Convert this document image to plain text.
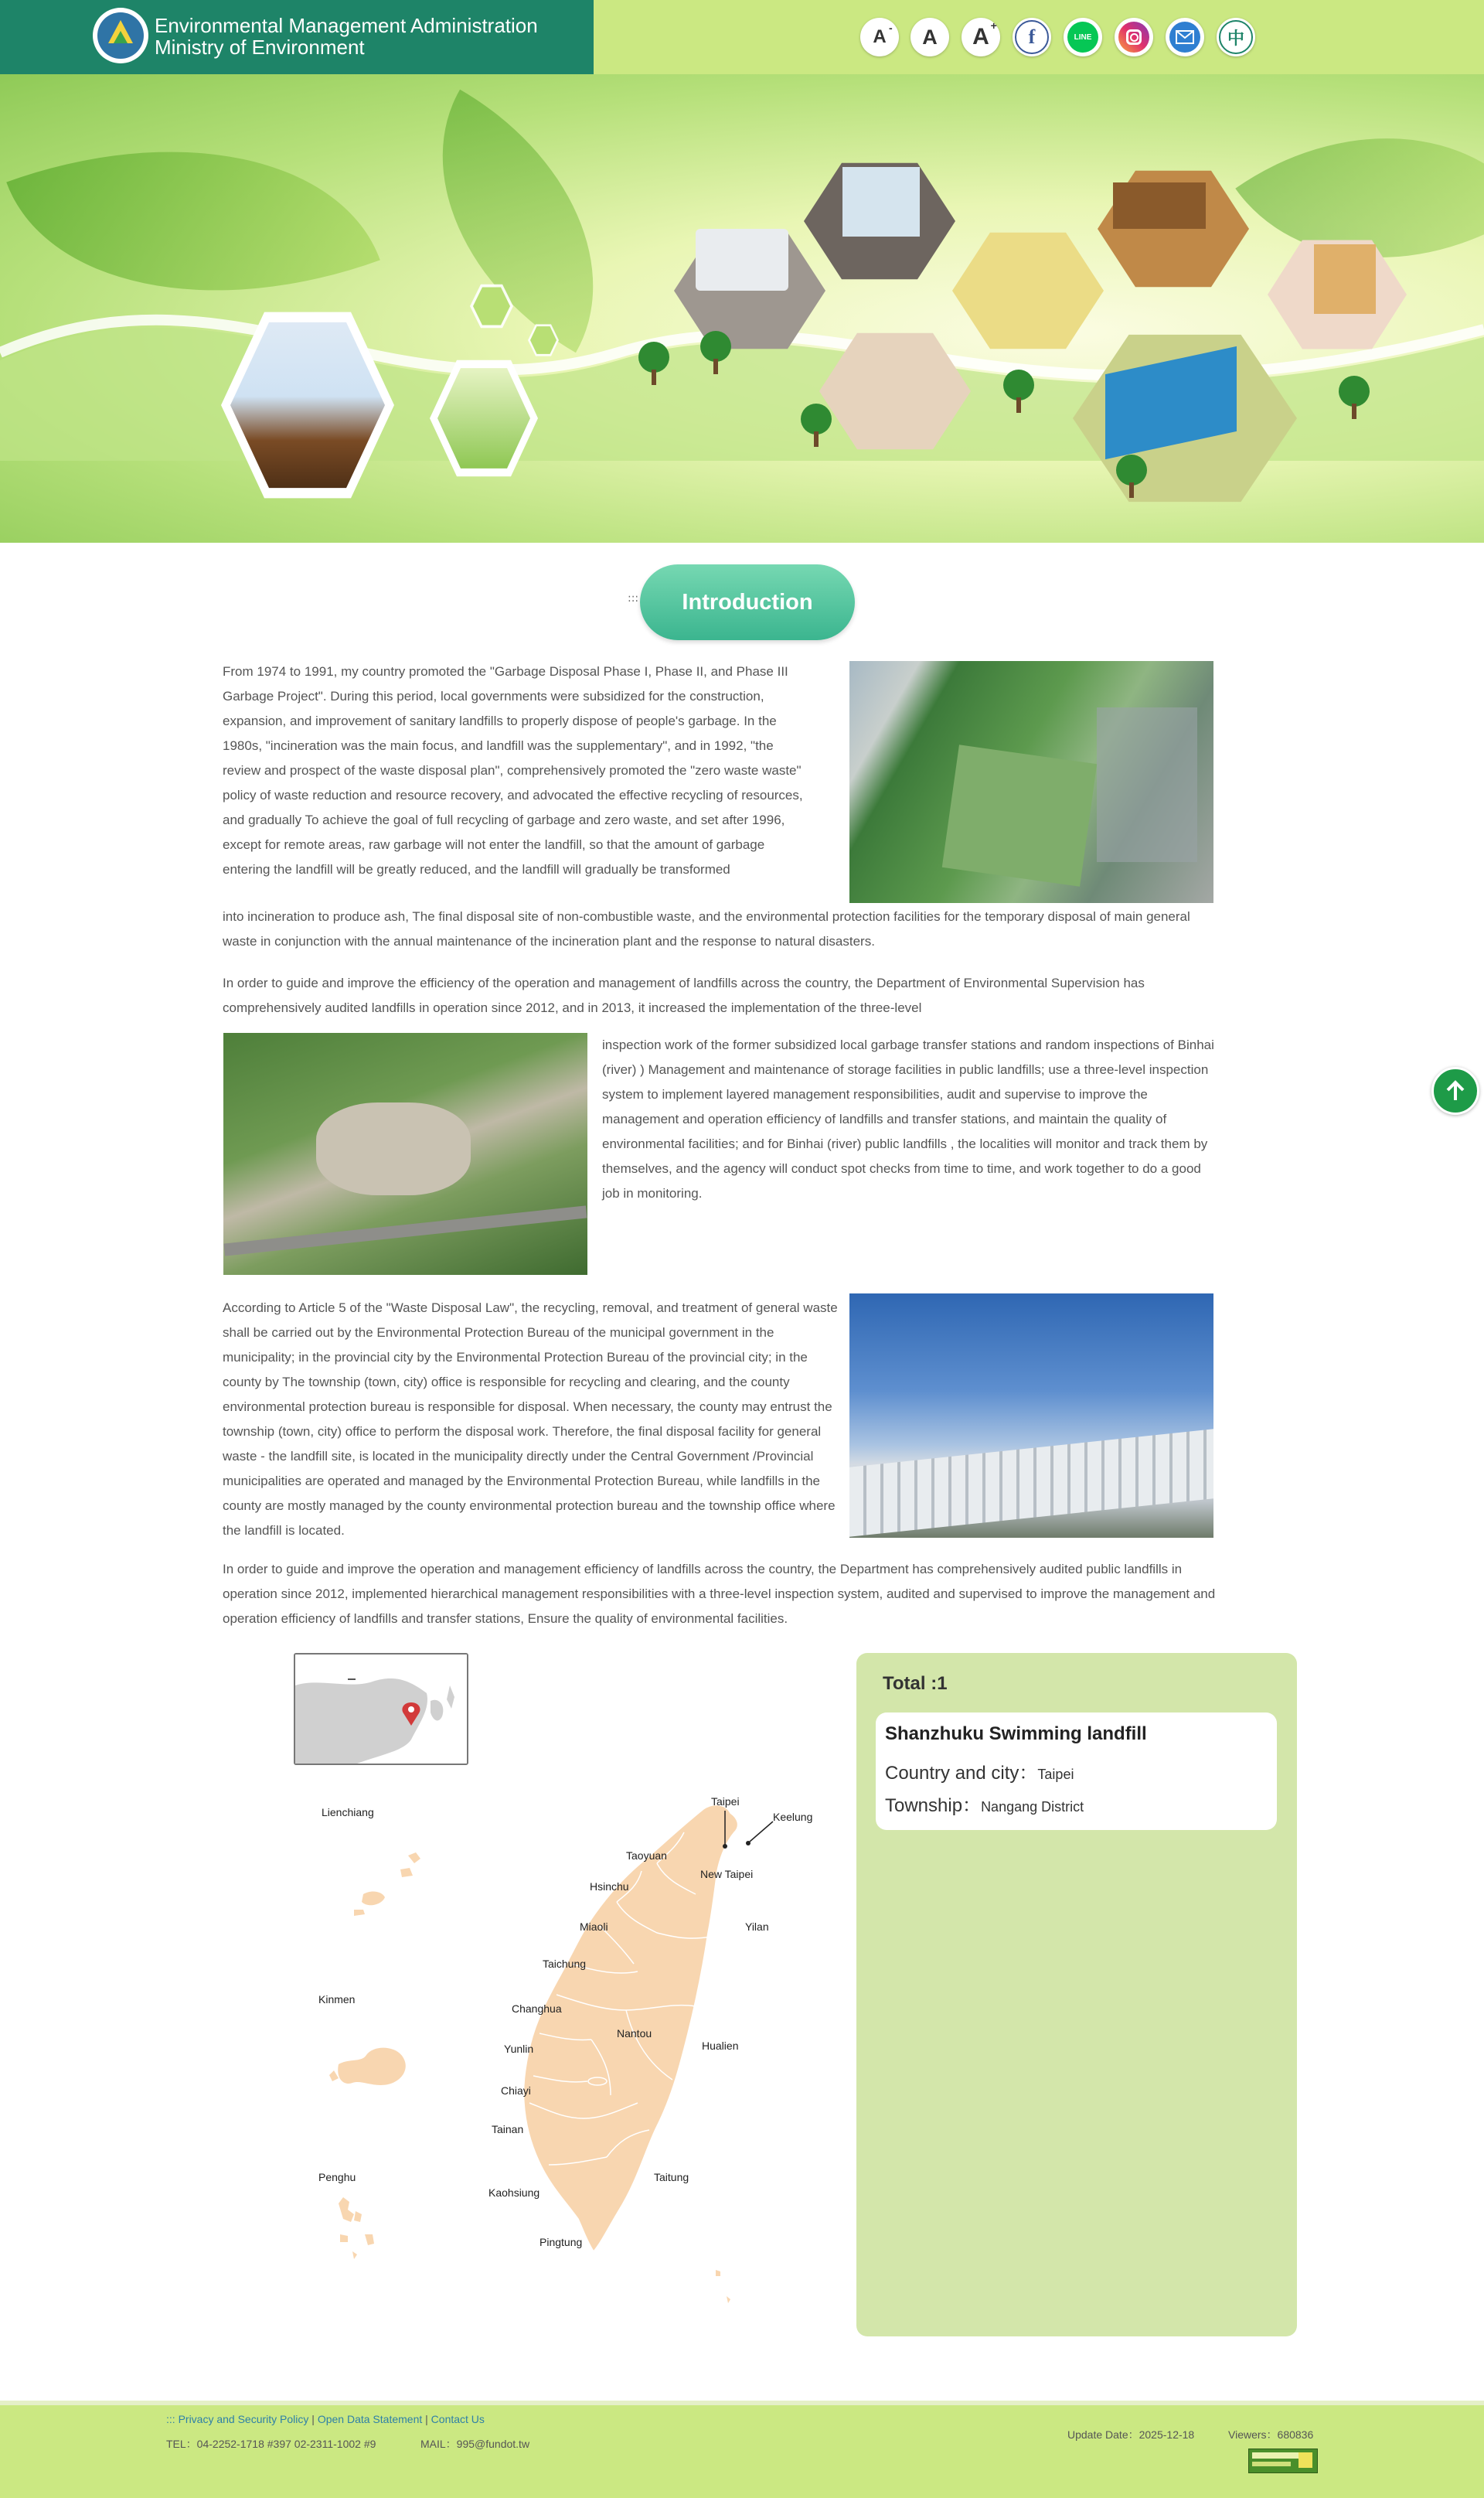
Environmental Management Administration
Ministry of Environment	A - A A + f	LINE	中
:::	Introduction

From 1974 to 1991, my country promoted the "Garbage Disposal Phase I, Phase II, and Phase III Garbage Project". During this period, local governments were subsidized for the construction, expansion, and improvement of sanitary landfills to properly dispose of people's garbage. In the 1980s, "incineration was the main focus, and landfill was the supplementary", and in 1992, "the review and prospect of the waste disposal plan", comprehensively promoted the "zero waste waste" policy of waste reduction and resource recovery, and advocated the effective recycling of resources, and gradually To achieve the goal of full recycling of garbage and zero waste, and set after 1996, except for remote areas, raw garbage will not enter the landfill, so that the amount of garbage entering the landfill will be greatly reduced, and the landfill will gradually be transformed

into incineration to produce ash, The final disposal site of non-combustible waste, and the environmental protection facilities for the temporary disposal of main general waste in conjunction with the annual maintenance of the incineration plant and the response to natural disasters.

In order to guide and improve the efficiency of the operation and management of landfills across the country, the Department of Environmental Supervision has comprehensively audited landfills in operation since 2012, and in 2013, it increased the implementation of the three-level

inspection work of the former subsidized local garbage transfer stations and random inspections of Binhai (river) ) Management and maintenance of storage facilities in public landfills; use a three-level inspection system to implement layered management responsibilities, audit and supervise to improve the management and operation efficiency of landfills and transfer stations, and maintain the quality of environmental facilities; and for Binhai (river) public landfills , the localities will monitor and track them by themselves, and the agency will conduct spot checks from time to time, and work together to do a good job in monitoring.

According to Article 5 of the "Waste Disposal Law", the recycling, removal, and treatment of general waste shall be carried out by the Environmental Protection Bureau of the municipal government in the municipality; in the provincial city by the Environmental Protection Bureau of the provincial city; in the county by The township (town, city) office is responsible for recycling and clearing, and the county environmental protection bureau is responsible for disposal. When necessary, the county may entrust the township (town, city) office to perform the disposal work. Therefore, the final disposal facility for general waste - the landfill site, is located in the municipality directly under the Central Government /Provincial municipalities are operated and managed by the Environmental Protection Bureau, while landfills in the county are mostly managed by the county environmental protection bureau and the township office where the landfill is located.

In order to guide and improve the operation and management efficiency of landfills across the country, the Department has comprehensively audited public landfills in operation since 2012, implemented hierarchical management responsibilities with a three-level inspection system, audited and supervised to improve the management and operation efficiency of landfills and transfer stations, Ensure the quality of environmental facilities.

Lienchiang
Kinmen
Penghu
Taipei
Keelung
Taoyuan
New Taipei
Hsinchu
Miaoli	Yilan
Taichung
Changhua
Nantou
Yunlin	Hualien
Chiayi
Tainan
Taitung
Kaohsiung
Pingtung
Total :1
Shanzhuku Swimming landfill
Country and city：Taipei
Township：Nangang District
::: Privacy and Security Policy | Open Data Statement | Contact Us
TEL：04-2252-1718 #397 02-2311-1002 #9	MAIL：995@fundot.tw
Update Date：2025-12-18	Viewers：680836
